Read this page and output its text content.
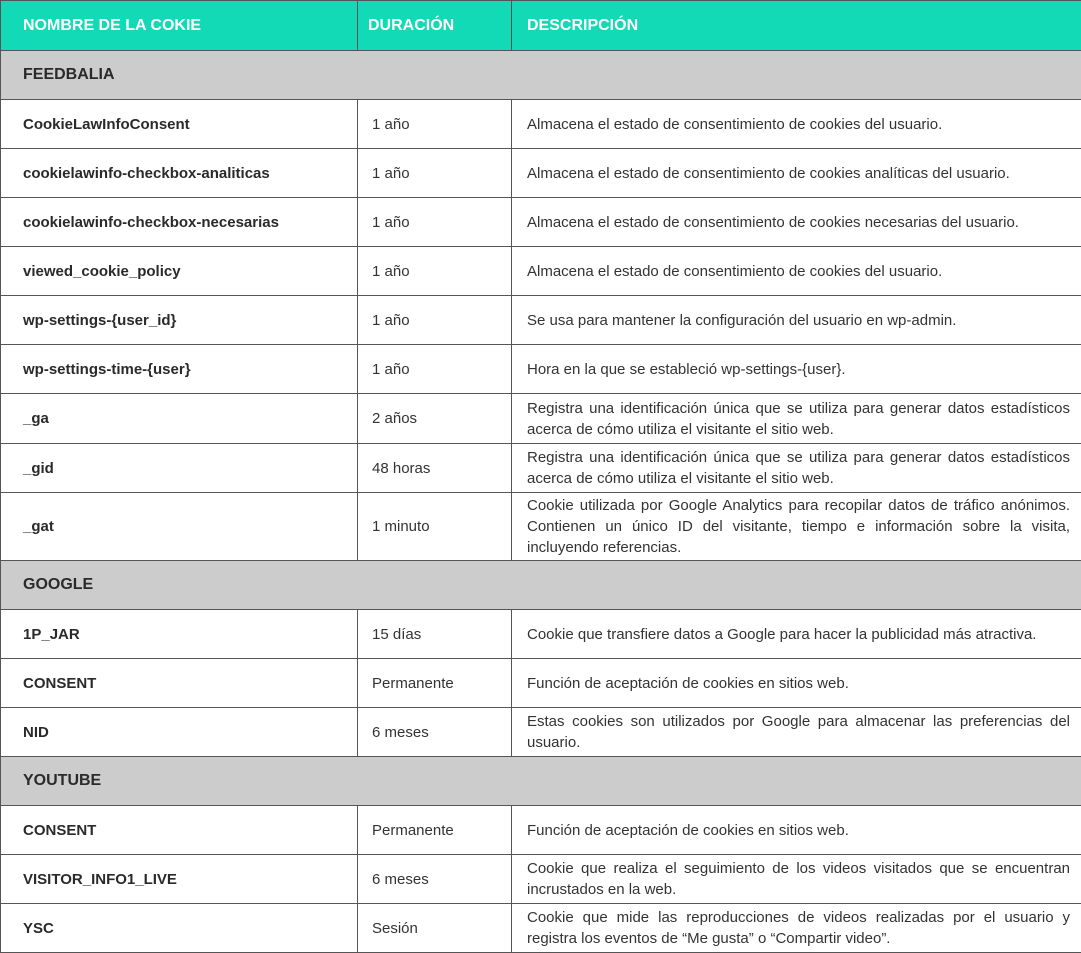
NOMBRE DE LA COKIE	DURACIÓN	DESCRIPCIÓN
FEEDBALIA		
CookieLawInfoConsent	1 año	Almacena el estado de consentimiento de cookies del usuario.
cookielawinfo-checkbox-analiticas	1 año	Almacena el estado de consentimiento de cookies analíticas del usuario.
cookielawinfo-checkbox-necesarias	1 año	Almacena el estado de consentimiento de cookies necesarias del usuario.
viewed_cookie_policy	1 año	Almacena el estado de consentimiento de cookies del usuario.
wp-settings-{user_id}	1 año	Se usa para mantener la configuración del usuario en wp-admin.
wp-settings-time-{user}	1 año	Hora en la que se estableció wp-settings-{user}.
_ga	2 años	Registra una identificación única que se utiliza para generar datos estadísticos acerca de cómo utiliza el visitante el sitio web.
_gid	48 horas	Registra una identificación única que se utiliza para generar datos estadísticos acerca de cómo utiliza el visitante el sitio web.
_gat	1 minuto	Cookie utilizada por Google Analytics para recopilar datos de tráfico anónimos. Contienen un único ID del visitante, tiempo e información sobre la visita, incluyendo referencias.
GOOGLE		
1P_JAR	15 días	Cookie que transfiere datos a Google para hacer la publicidad más atractiva.
CONSENT	Permanente	Función de aceptación de cookies en sitios web.
NID	6 meses	Estas cookies son utilizados por Google para almacenar las preferencias del usuario.
YOUTUBE		
CONSENT	Permanente	Función de aceptación de cookies en sitios web.
VISITOR_INFO1_LIVE	6 meses	Cookie que realiza el seguimiento de los videos visitados que se encuentran incrustados en la web.
YSC	Sesión	Cookie que mide las reproducciones de videos realizadas por el usuario y registra los eventos de “Me gusta” o “Compartir video”.
